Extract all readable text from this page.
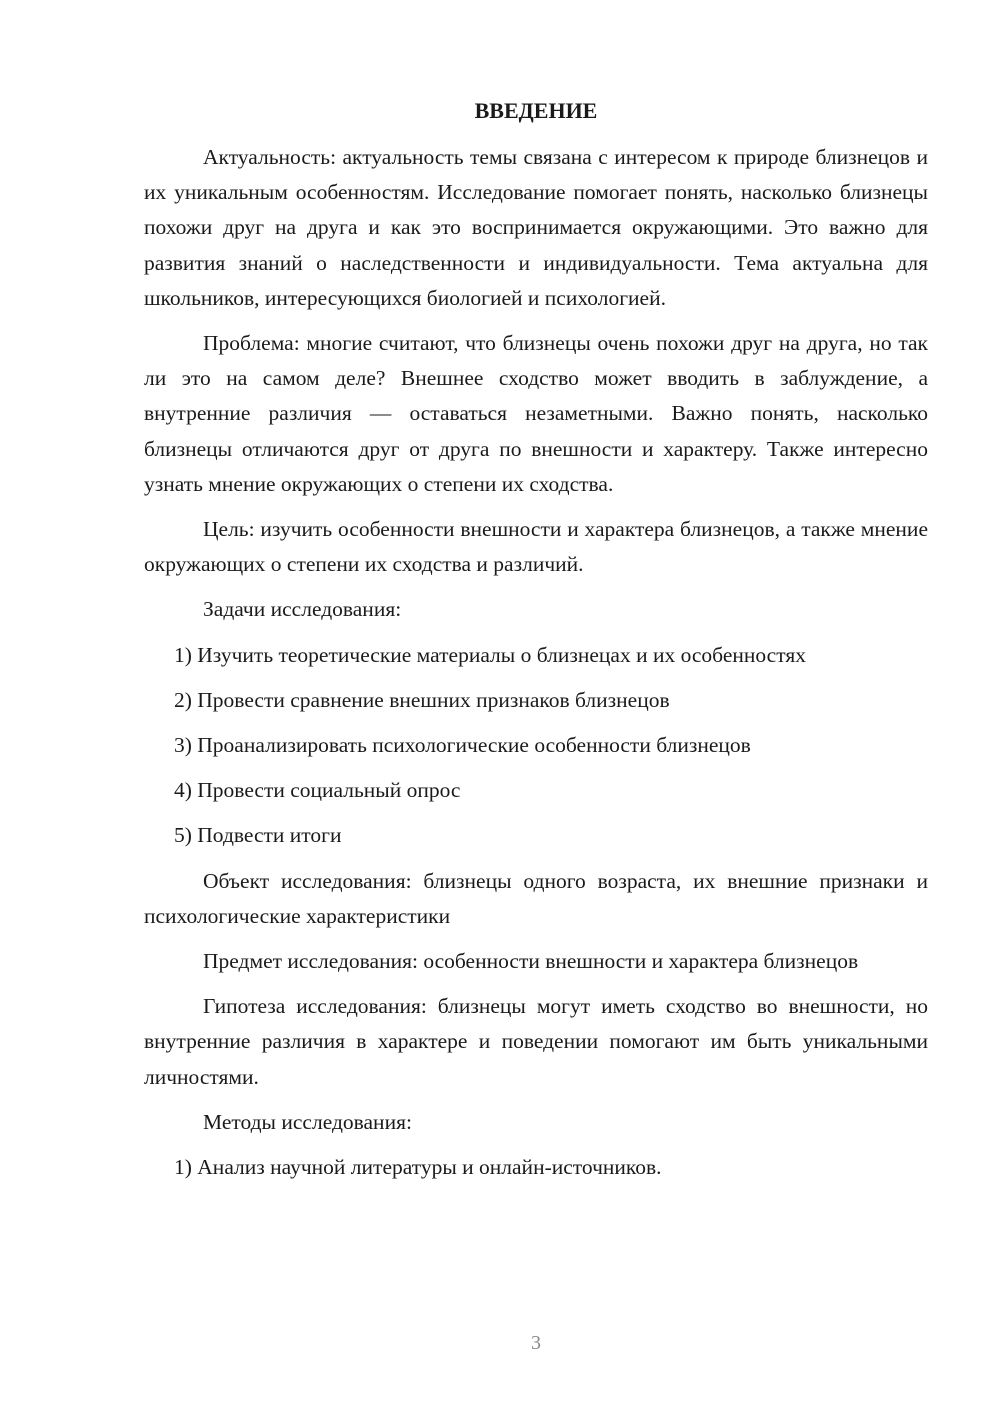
ВВЕДЕНИЕ

Актуальность: актуальность темы связана с интересом к природе близнецов и их уникальным особенностям. Исследование помогает понять, насколько близнецы похожи друг на друга и как это воспринимается окружающими. Это важно для развития знаний о наследственности и индивидуальности. Тема актуальна для школьников, интересующихся биологией и психологией.

Проблема: многие считают, что близнецы очень похожи друг на друга, но так ли это на самом деле? Внешнее сходство может вводить в заблуждение, а внутренние различия — оставаться незаметными. Важно понять, насколько близнецы отличаются друг от друга по внешности и характеру. Также интересно узнать мнение окружающих о степени их сходства.

Цель: изучить особенности внешности и характера близнецов, а также мнение окружающих о степени их сходства и различий.

Задачи исследования:
1) Изучить теоретические материалы о близнецах и их особенностях
2) Провести сравнение внешних признаков близнецов
3) Проанализировать психологические особенности близнецов
4) Провести социальный опрос
5) Подвести итоги

Объект исследования: близнецы одного возраста, их внешние признаки и психологические характеристики

Предмет исследования: особенности внешности и характера близнецов

Гипотеза исследования: близнецы могут иметь сходство во внешности, но внутренние различия в характере и поведении помогают им быть уникальными личностями.

Методы исследования:
1) Анализ научной литературы и онлайн-источников.
3
